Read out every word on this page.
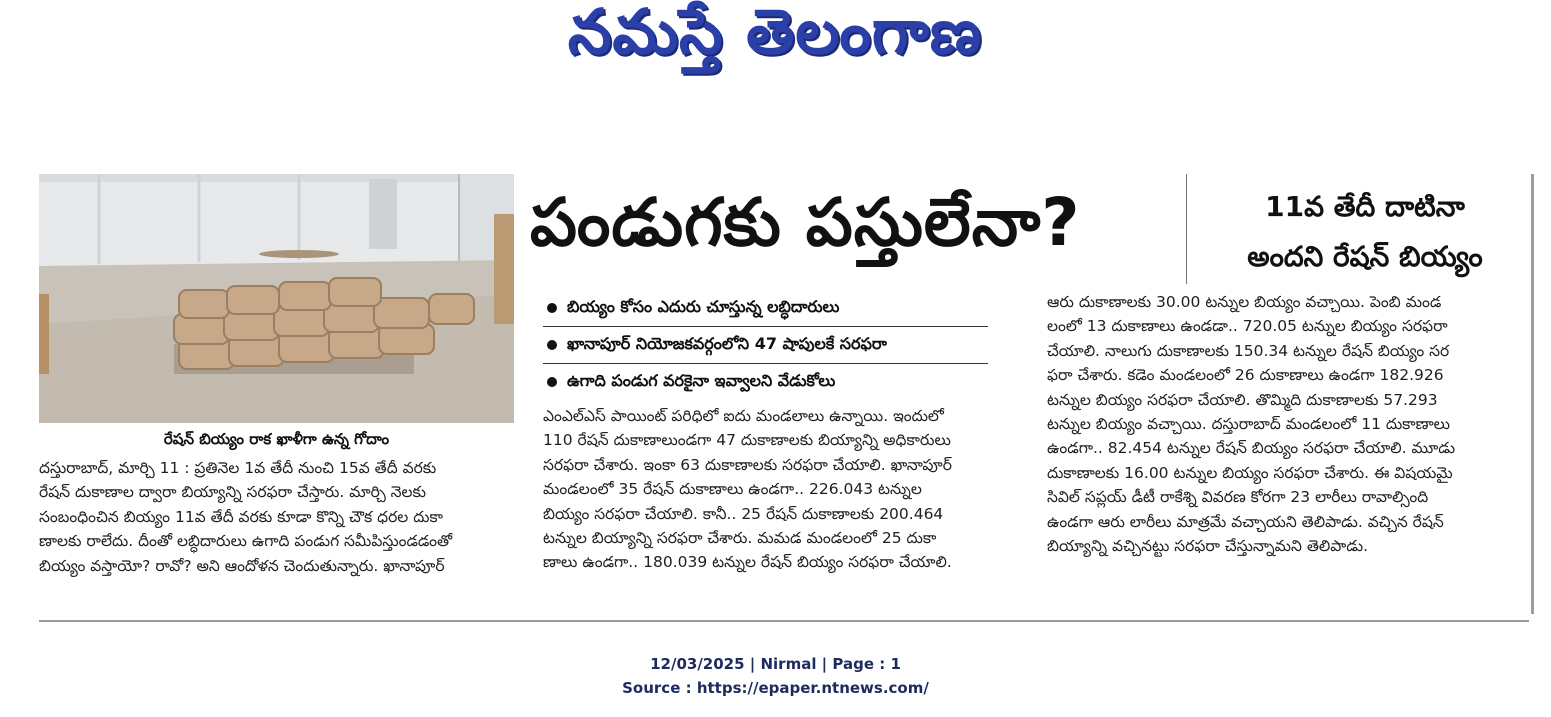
నమస్తే తెలంగాణ
రేషన్ బియ్యం రాక ఖాళీగా ఉన్న గోదాం
పండుగకు పస్తులేనా?	11వ తేదీ దాటినా
అందని రేషన్ బియ్యం
బియ్యం కోసం ఎదురు చూస్తున్న లబ్ధిదారులు
ఖానాపూర్ నియోజకవర్గంలోని 47 షాపులకే సరఫరా
ఉగాది పండుగ వరకైనా ఇవ్వాలని వేడుకోలు
దస్తురాబాద్, మార్చి 11 : ప్రతినెల 1వ తేదీ నుంచి 15వ తేదీ వరకు
రేషన్ దుకాణాల ద్వారా బియ్యాన్ని సరఫరా చేస్తారు. మార్చి నెలకు
సంబంధించిన బియ్యం 11వ తేదీ వరకు కూడా కొన్ని చౌక ధరల దుకా
ణాలకు రాలేదు. దీంతో లబ్ధిదారులు ఉగాది పండుగ సమీపిస్తుండడంతో
బియ్యం వస్తాయో? రావో? అని ఆందోళన చెందుతున్నారు. ఖానాపూర్
ఎంఎల్ఎస్ పాయింట్ పరిధిలో ఐదు మండలాలు ఉన్నాయి. ఇందులో
110 రేషన్ దుకాణాలుండగా 47 దుకాణాలకు బియ్యాన్ని అధికారులు
సరఫరా చేశారు. ఇంకా 63 దుకాణాలకు సరఫరా చేయాలి. ఖానాపూర్
మండలంలో 35 రేషన్ దుకాణాలు ఉండగా.. 226.043 టన్నుల
బియ్యం సరఫరా చేయాలి. కానీ.. 25 రేషన్ దుకాణాలకు 200.464
టన్నుల బియ్యాన్ని సరఫరా చేశారు. మమడ మండలంలో 25 దుకా
ణాలు ఉండగా.. 180.039 టన్నుల రేషన్ బియ్యం సరఫరా చేయాలి.
ఆరు దుకాణాలకు 30.00 టన్నుల బియ్యం వచ్చాయి. పెంబి మండ
లంలో 13 దుకాణాలు ఉండడా.. 720.05 టన్నుల బియ్యం సరఫరా
చేయాలి. నాలుగు దుకాణాలకు 150.34 టన్నుల రేషన్ బియ్యం సర
ఫరా చేశారు. కడెం మండలంలో 26 దుకాణాలు ఉండగా 182.926
టన్నుల బియ్యం సరఫరా చేయాలి. తొమ్మిది దుకాణాలకు 57.293
టన్నుల బియ్యం వచ్చాయి. దస్తురాబాద్ మండలంలో 11 దుకాణాలు
ఉండగా.. 82.454 టన్నుల రేషన్ బియ్యం సరఫరా చేయాలి. మూడు
దుకాణాలకు 16.00 టన్నుల బియ్యం సరఫరా చేశారు. ఈ విషయమై
సివిల్ సప్లయ్ డీటీ రాకేశ్ని వివరణ కోరగా 23 లారీలు రావాల్సింది
ఉండగా ఆరు లారీలు మాత్రమే వచ్చాయని తెలిపాడు. వచ్చిన రేషన్
బియ్యాన్ని వచ్చినట్టు సరఫరా చేస్తున్నామని తెలిపాడు.
12/03/2025 | Nirmal | Page : 1
Source : https://epaper.ntnews.com/
